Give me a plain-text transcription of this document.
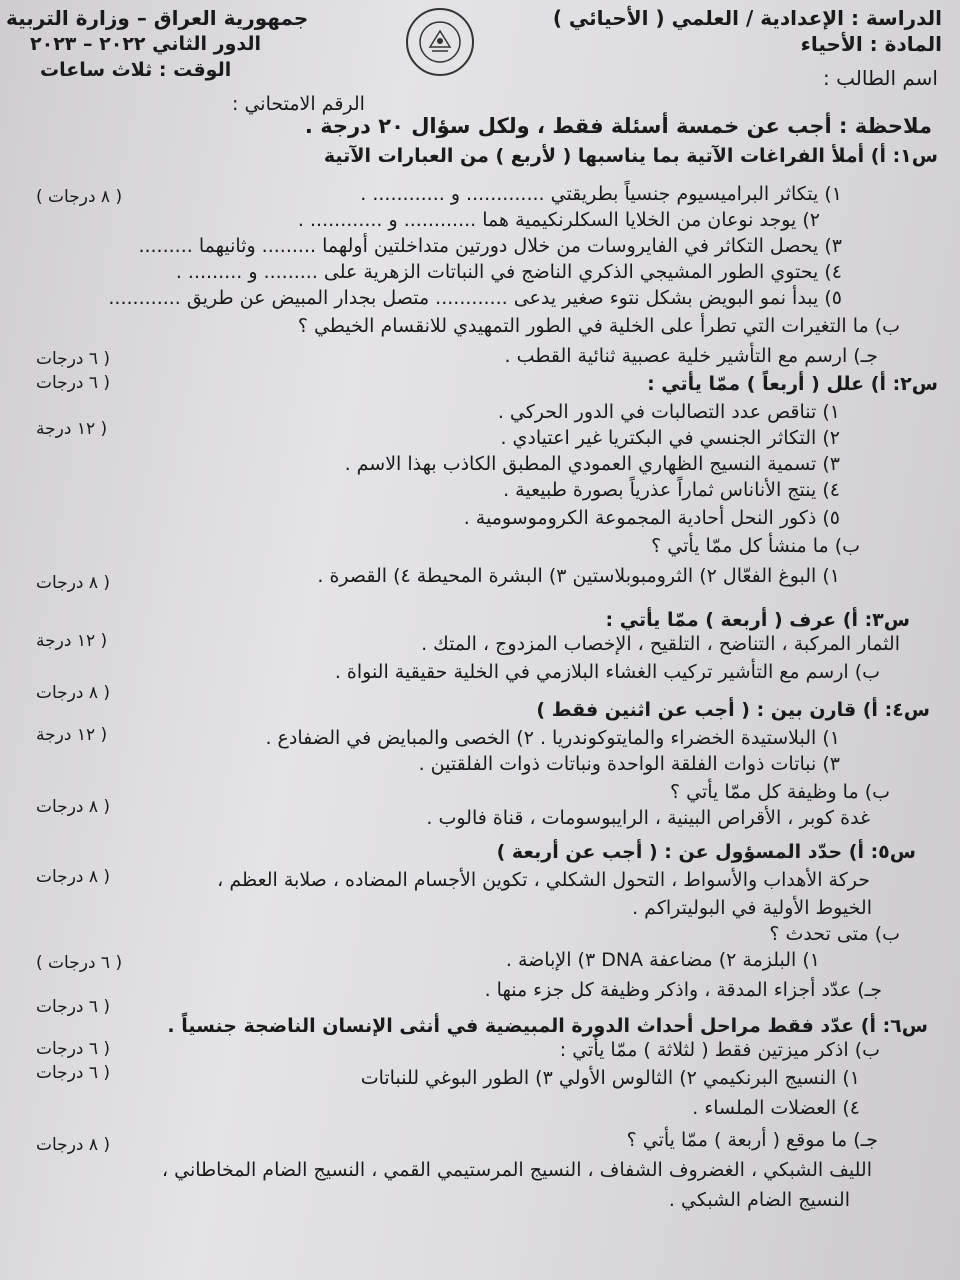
الدراسة : الإعدادية / العلمي ( الأحيائي )
المادة : الأحياء
جمهورية العراق – وزارة التربية
الدور الثاني ٢٠٢٢ – ٢٠٢٣
الوقت : ثلاث ساعات	اسم الطالب :
الرقم الامتحاني :
ملاحظة : أجب عن خمسة أسئلة فقط ، ولكل سؤال ٢٠ درجة .
س١: أ) أملأ الفراغات الآتية بما يناسبها ( لأربع ) من العبارات الآتية
( ٨ درجات )	١) يتكاثر البراميسيوم جنسياً بطريقتي ............. و ............ .
٢) يوجد نوعان من الخلايا السكلرنكيمية هما ............ و ............ .
٣) يحصل التكاثر في الفايروسات من خلال دورتين متداخلتين أولهما ......... وثانيهما .........
٤) يحتوي الطور المشيجي الذكري الناضج في النباتات الزهرية على ......... و ......... .
٥) يبدأ نمو البويض بشكل نتوء صغير يدعى ............ متصل بجدار المبيض عن طريق ............
ب) ما التغيرات التي تطرأ على الخلية في الطور التمهيدي للانقسام الخيطي ؟
( ٦ درجات	جـ) ارسم مع التأشير خلية عصبية ثنائية القطب .
( ٦ درجات	س٢: أ) علل ( أربعاً ) ممّا يأتي :
( ١٢ درجة
١) تناقص عدد التصالبات في الدور الحركي .
٢) التكاثر الجنسي في البكتريا غير اعتيادي .
٣) تسمية النسيج الظهاري العمودي المطبق الكاذب بهذا الاسم .
٤) ينتج الأناناس ثماراً عذرياً بصورة طبيعية .
٥) ذكور النحل أحادية المجموعة الكروموسومية .
ب) ما منشأ كل ممّا يأتي ؟
( ٨ درجات	١) البوغ الفعّال ٢) الثرومبوبلاستين ٣) البشرة المحيطة ٤) القصرة .
س٣: أ) عرف ( أربعة ) ممّا يأتي :
( ١٢ درجة	الثمار المركبة ، التناضح ، التلقيح ، الإخصاب المزدوج ، المتك .
ب) ارسم مع التأشير تركيب الغشاء البلازمي في الخلية حقيقية النواة .
( ٨ درجات
س٤: أ) قارن بين : ( أجب عن اثنين فقط )
( ١٢ درجة	١) البلاستيدة الخضراء والمايتوكوندريا . ٢) الخصى والمبايض في الضفادع .
٣) نباتات ذوات الفلقة الواحدة ونباتات ذوات الفلقتين .
ب) ما وظيفة كل ممّا يأتي ؟
( ٨ درجات	غدة كوبر ، الأقراص البينية ، الرايبوسومات ، قناة فالوب .
س٥: أ) حدّد المسؤول عن : ( أجب عن أربعة )
( ٨ درجات	حركة الأهداب والأسواط ، التحول الشكلي ، تكوين الأجسام المضاده ، صلابة العظم ،
الخيوط الأولية في البوليتراكم .
ب) متى تحدث ؟
١) البلزمة ٢) مضاعفة DNA ٣) الإباضة .
( ٦ درجات )
جـ) عدّد أجزاء المدقة ، واذكر وظيفة كل جزء منها .
( ٦ درجات
س٦: أ) عدّد فقط مراحل أحداث الدورة المبيضية في أنثى الإنسان الناضجة جنسياً .
( ٦ درجات	ب) اذكر ميزتين فقط ( لثلاثة ) ممّا يأتي :
( ٦ درجات	١) النسيج البرنكيمي ٢) الثالوس الأولي ٣) الطور البوغي للنباتات
٤) العضلات الملساء .
جـ) ما موقع ( أربعة ) ممّا يأتي ؟
( ٨ درجات
الليف الشبكي ، الغضروف الشفاف ، النسيج المرستيمي القمي ، النسيج الضام المخاطاني ،
النسيج الضام الشبكي .
